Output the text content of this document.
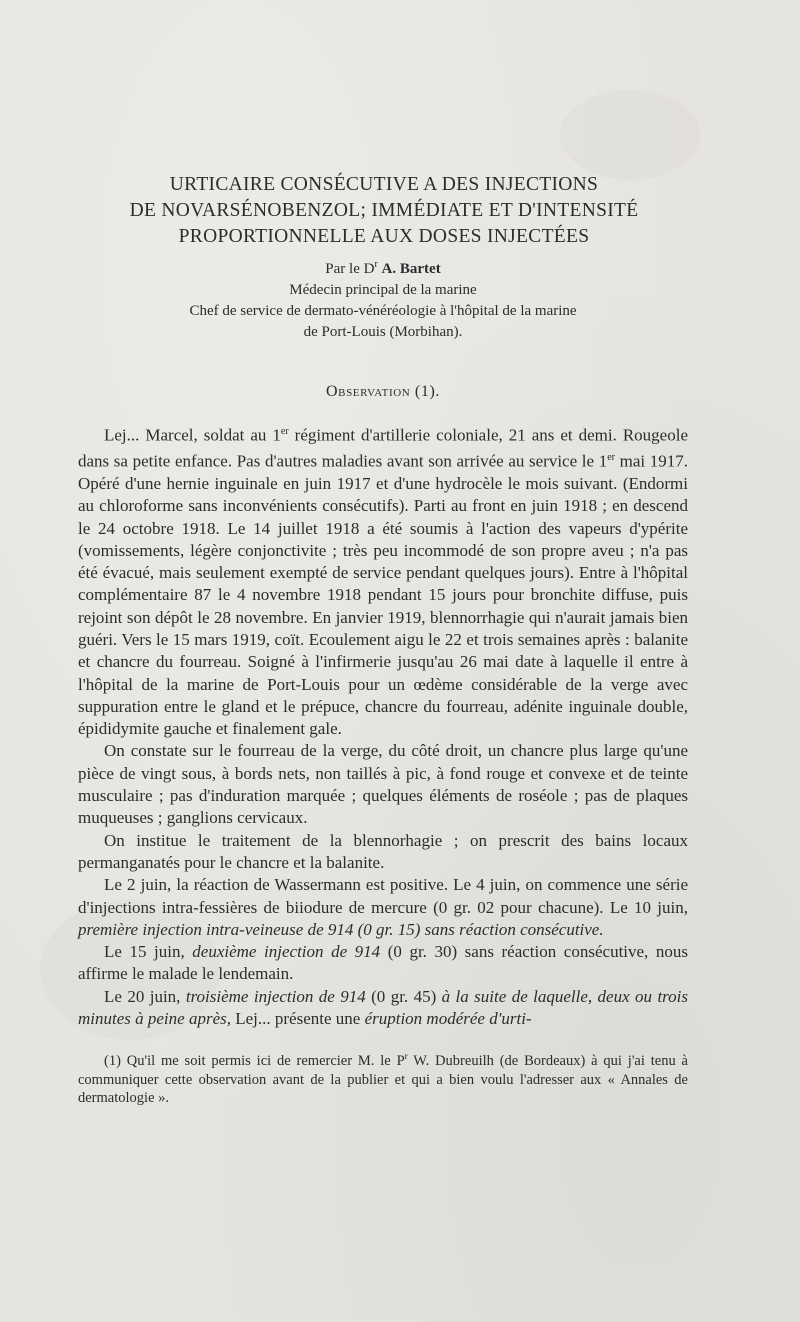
URTICAIRE CONSÉCUTIVE A DES INJECTIONS
DE NOVARSÉNOBENZOL; IMMÉDIATE ET D'INTENSITÉ
PROPORTIONNELLE AUX DOSES INJECTÉES

Par le $D^r$ A. Bartet

Médecin principal de la marine

Chef de service de dermato-vénéréologie à l'hôpital de la marine

de Port-Louis (Morbihan).

Observation (1).

Lej... Marcel, soldat au 1er régiment d'artillerie coloniale, 21 ans et demi. Rougeole dans sa petite enfance. Pas d'autres maladies avant son arrivée au service le 1er mai 1917. Opéré d'une hernie inguinale en juin 1917 et d'une hydrocèle le mois suivant. (Endormi au chloroforme sans inconvénients consécutifs). Parti au front en juin 1918 ; en descend le 24 octobre 1918. Le 14 juillet 1918 a été soumis à l'action des vapeurs d'ypérite (vomissements, légère conjonctivite ; très peu incommodé de son propre aveu ; n'a pas été évacué, mais seulement exempté de service pendant quelques jours). Entre à l'hôpital complémentaire 87 le 4 novembre 1918 pendant 15 jours pour bronchite diffuse, puis rejoint son dépôt le 28 novembre. En janvier 1919, blennorrhagie qui n'aurait jamais bien guéri. Vers le 15 mars 1919, coït. Ecoulement aigu le 22 et trois semaines après : balanite et chancre du fourreau. Soigné à l'infirmerie jusqu'au 26 mai date à laquelle il entre à l'hôpital de la marine de Port-Louis pour un œdème considérable de la verge avec suppuration entre le gland et le prépuce, chancre du fourreau, adénite inguinale double, épididymite gauche et finalement gale.

On constate sur le fourreau de la verge, du côté droit, un chancre plus large qu'une pièce de vingt sous, à bords nets, non taillés à pic, à fond rouge et convexe et de teinte musculaire ; pas d'induration marquée ; quelques éléments de roséole ; pas de plaques muqueuses ; ganglions cervicaux.

On institue le traitement de la blennorhagie ; on prescrit des bains locaux permanganatés pour le chancre et la balanite.

Le 2 juin, la réaction de Wassermann est positive. Le 4 juin, on commence une série d'injections intra-fessières de biiodure de mercure (0 gr. 02 pour chacune). Le 10 juin, première injection intra-veineuse de 914 (0 gr. 15) sans réaction consécutive.

Le 15 juin, deuxième injection de 914 (0 gr. 30) sans réaction consécutive, nous affirme le malade le lendemain.

Le 20 juin, troisième injection de 914 (0 gr. 45) à la suite de laquelle, deux ou trois minutes à peine après, Lej... présente une éruption modérée d'urti-

(1) Qu'il me soit permis ici de remercier M. le $P^r$ W. Dubreuilh (de Bordeaux) à qui j'ai tenu à communiquer cette observation avant de la publier et qui a bien voulu l'adresser aux « Annales de dermatologie ».
